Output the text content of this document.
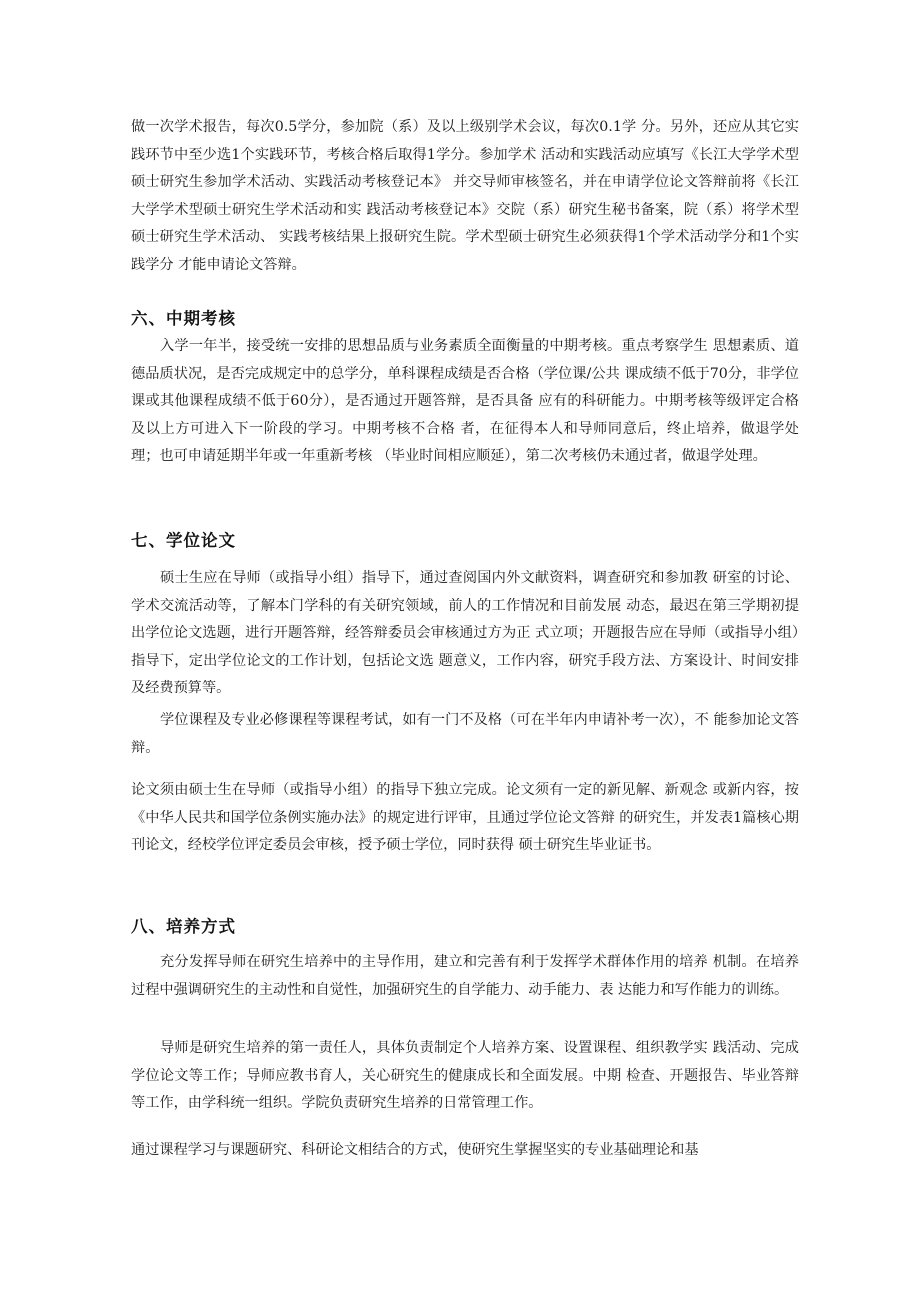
做一次学术报告，每次0.5学分，参加院（系）及以上级别学术会议，每次0.1学 分。另外，还应从其它实践环节中至少选1个实践环节，考核合格后取得1学分。参加学术 活动和实践活动应填写《长江大学学术型硕士研究生参加学术活动、实践活动考核登记本》 并交导师审核签名，并在申请学位论文答辩前将《长江大学学术型硕士研究生学术活动和实 践活动考核登记本》交院（系）研究生秘书备案，院（系）将学术型硕士研究生学术活动、 实践考核结果上报研究生院。学术型硕士研究生必须获得1个学术活动学分和1个实践学分 才能申请论文答辩。
六、中期考核
入学一年半，接受统一安排的思想品质与业务素质全面衡量的中期考核。重点考察学生 思想素质、道德品质状况，是否完成规定中的总学分，单科课程成绩是否合格（学位课/公共 课成绩不低于70分，非学位课或其他课程成绩不低于60分），是否通过开题答辩，是否具备 应有的科研能力。中期考核等级评定合格及以上方可进入下一阶段的学习。中期考核不合格 者，在征得本人和导师同意后，终止培养，做退学处理；也可申请延期半年或一年重新考核 （毕业时间相应顺延），第二次考核仍未通过者，做退学处理。
七、学位论文
硕士生应在导师（或指导小组）指导下，通过查阅国内外文献资料，调查研究和参加教 研室的讨论、学术交流活动等，了解本门学科的有关研究领域，前人的工作情况和目前发展 动态，最迟在第三学期初提出学位论文选题，进行开题答辩，经答辩委员会审核通过方为正 式立项；开题报告应在导师（或指导小组）指导下，定出学位论文的工作计划，包括论文选 题意义，工作内容，研究手段方法、方案设计、时间安排及经费预算等。
学位课程及专业必修课程等课程考试，如有一门不及格（可在半年内申请补考一次），不 能参加论文答辩。
论文须由硕士生在导师（或指导小组）的指导下独立完成。论文须有一定的新见解、新观念 或新内容，按《中华人民共和国学位条例实施办法》的规定进行评审，且通过学位论文答辩 的研究生，并发表1篇核心期刊论文，经校学位评定委员会审核，授予硕士学位，同时获得 硕士研究生毕业证书。
八、培养方式
充分发挥导师在研究生培养中的主导作用，建立和完善有利于发挥学术群体作用的培养 机制。在培养过程中强调研究生的主动性和自觉性，加强研究生的自学能力、动手能力、表 达能力和写作能力的训练。
导师是研究生培养的第一责任人，具体负责制定个人培养方案、设置课程、组织教学实 践活动、完成学位论文等工作；导师应教书育人，关心研究生的健康成长和全面发展。中期 检查、开题报告、毕业答辩等工作，由学科统一组织。学院负责研究生培养的日常管理工作。
通过课程学习与课题研究、科研论文相结合的方式，使研究生掌握坚实的专业基础理论和基
